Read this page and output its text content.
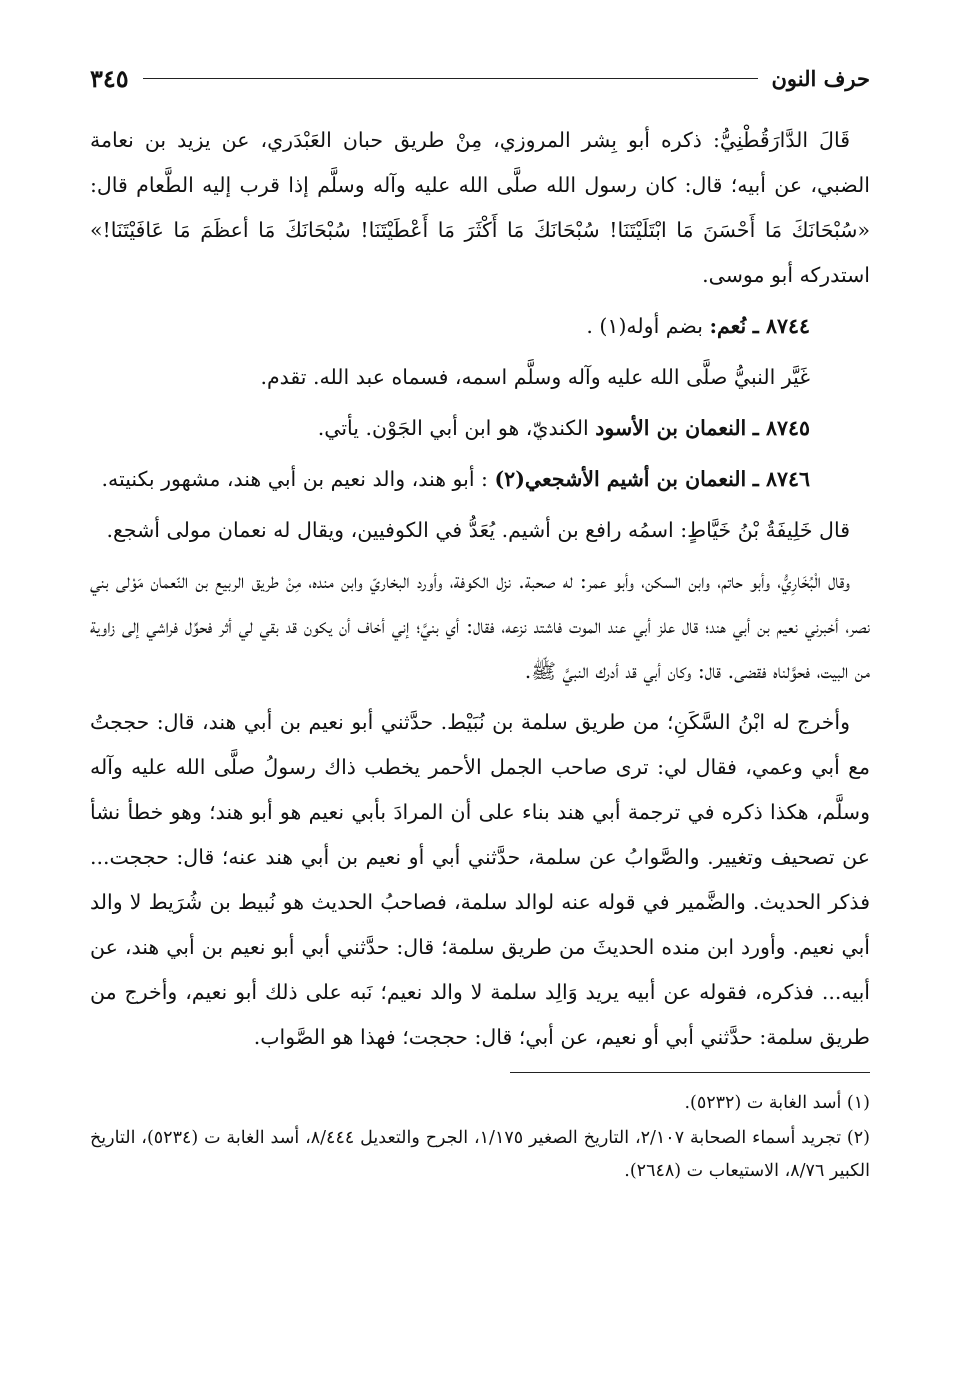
حرف النون
٣٤٥

قَالَ الدَّارَقُطْنِيُّ: ذكره أبو بِشر المروزي، مِنْ طريق حبان العَبْدَري، عن يزيد بن نعامة الضبي، عن أبيه؛ قال: كان رسول الله صلَّى الله عليه وآله وسلَّم إذا قرب إليه الطَّعام قال: «سُبْحَانَكَ مَا أَحْسَنَ مَا ابْتَلَيْتَنَا! سُبْحَانَكَ مَا أَكْثَرَ مَا أَعْطَيْتَنَا! سُبْحَانَكَ مَا أعظَمَ مَا عَافَيْتَنَا!» استدركه أبو موسى.

٨٧٤٤ ـ نُعم: بضم أوله(١) .

غَيَّر النبيُّ صلَّى الله عليه وآله وسلَّم اسمه، فسماه عبد الله. تقدم.

٨٧٤٥ ـ النعمان بن الأسود الكنديّ، هو ابن أبي الجَوْن. يأتي.

٨٧٤٦ ـ النعمان بن أشيم الأشجعي(٢) : أبو هند، والد نعيم بن أبي هند، مشهور بكنيته.

قال خَلِيفَةُ بْنُ خَيَّاطٍ: اسمُه رافع بن أشيم. يُعَدُّ في الكوفيين، ويقال له نعمان مولى أشجع.

وقال الْبُخَارِيُّ، وأبو حاتم، وابن السكن، وأبو عمر: له صحبة. نزل الكوفة، وأورد البخاريّ وابن منده، مِنْ طريق الربيع بن النّعمان مَوْلى بني نصر، أخبرني نعيم بن أبي هند؛ قال علز أبي عند الموت فاشتد نزعه، فقال: أي بنيَّ؛ إني أخاف أن يكون قد بقي لي أثر فحوِّل فراشي إلى زاوية من البيت، فحوَّلناه فقضى. قال: وكان أبي قد أدرك النبيَّ ﷺ.

وأخرج له ابْنُ السَّكَنِ؛ من طريق سلمة بن نُبَيْط. حدَّثني أبو نعيم بن أبي هند، قال: حججتُ مع أبي وعمي، فقال لي: ترى صاحب الجمل الأحمر يخطب ذاك رسولُ صلَّى الله عليه وآله وسلَّم، هكذا ذكره في ترجمة أبي هند بناء على أن المرادَ بأبي نعيم هو أبو هند؛ وهو خطأ نشأ عن تصحيف وتغيير. والصَّوابُ عن سلمة، حدَّثني أبي أو نعيم بن أبي هند عنه؛ قال: حججت... فذكر الحديث. والضَّمير في قوله عنه لوالد سلمة، فصاحبُ الحديث هو نُبيط بن شُرَيط لا والد أبي نعيم. وأورد ابن منده الحديثَ من طريق سلمة؛ قال: حدَّثني أبي أبو نعيم بن أبي هند، عن أبيه... فذكره، فقوله عن أبيه يريد وَالِد سلمة لا والد نعيم؛ نَبه على ذلك أبو نعيم، وأخرج من طريق سلمة: حدَّثني أبي أو نعيم، عن أبي؛ قال: حججت؛ فهذا هو الصَّواب.

(١) أسد الغابة ت (٥٢٣٢).

(٢) تجريد أسماء الصحابة ٢/١٠٧، التاريخ الصغير ١/١٧٥، الجرح والتعديل ٨/٤٤٤، أسد الغابة ت (٥٢٣٤)، التاريخ الكبير ٨/٧٦، الاستيعاب ت (٢٦٤٨).
